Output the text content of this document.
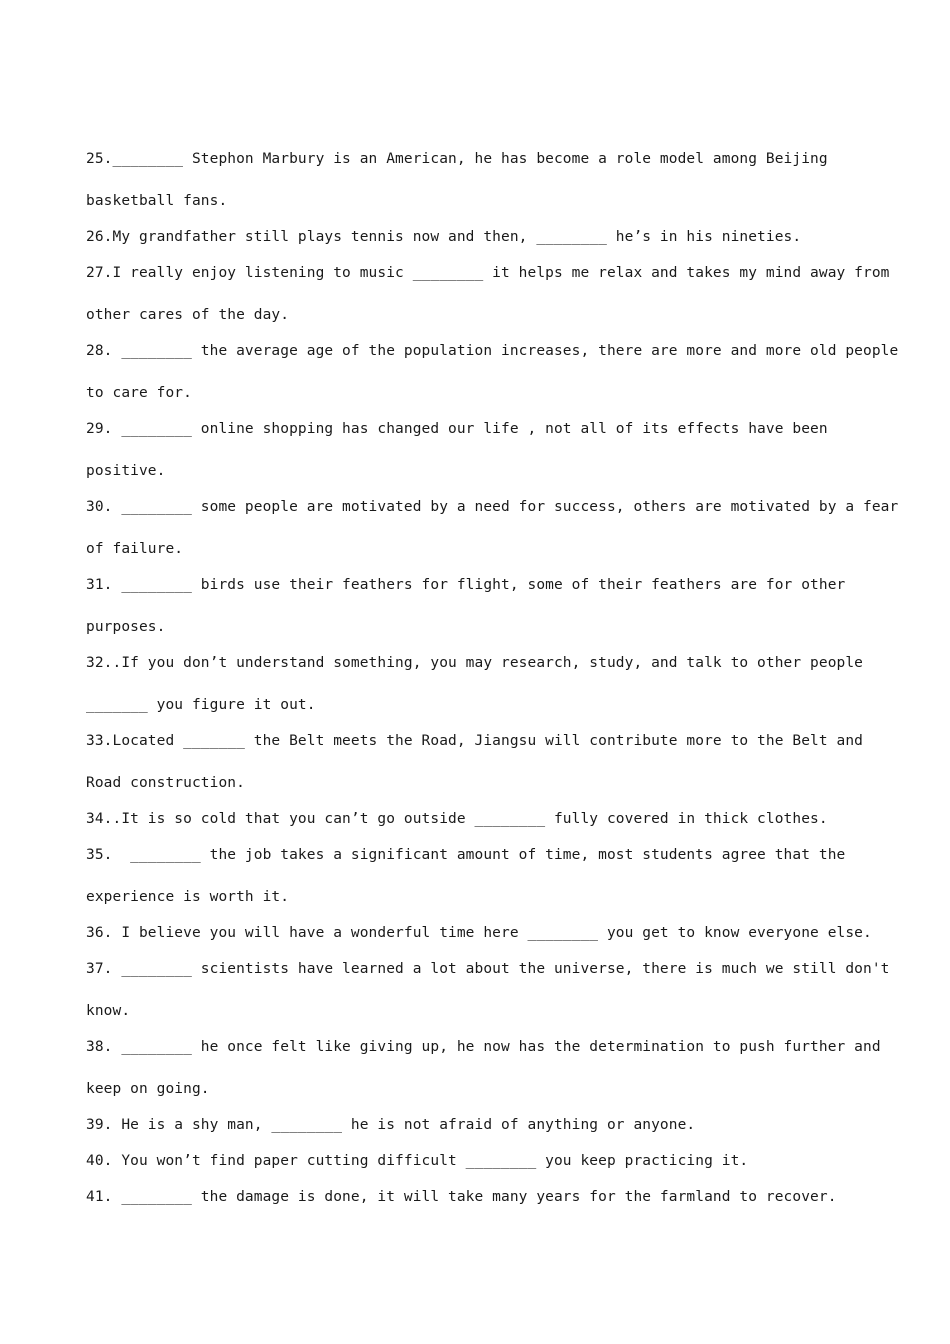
25.________ Stephon Marbury is an American, he has become a role model among Beijing
basketball fans.
26.My grandfather still plays tennis now and then, ________ he’s in his nineties.
27.I really enjoy listening to music ________ it helps me relax and takes my mind away from
other cares of the day.
28. ________ the average age of the population increases, there are more and more old people
to care for.
29. ________ online shopping has changed our life , not all of its effects have been
positive.
30. ________ some people are motivated by a need for success, others are motivated by a fear
of failure.
31. ________ birds use their feathers for flight, some of their feathers are for other
purposes.
32..If you don’t understand something, you may research, study, and talk to other people
_______ you figure it out.
33.Located _______ the Belt meets the Road, Jiangsu will contribute more to the Belt and
Road construction.
34..It is so cold that you can’t go outside ________ fully covered in thick clothes.
35.  ________ the job takes a significant amount of time, most students agree that the
experience is worth it.
36. I believe you will have a wonderful time here ________ you get to know everyone else.
37. ________ scientists have learned a lot about the universe, there is much we still don't
know.
38. ________ he once felt like giving up, he now has the determination to push further and
keep on going.
39. He is a shy man, ________ he is not afraid of anything or anyone.
40. You won’t find paper cutting difficult ________ you keep practicing it.
41. ________ the damage is done, it will take many years for the farmland to recover.
